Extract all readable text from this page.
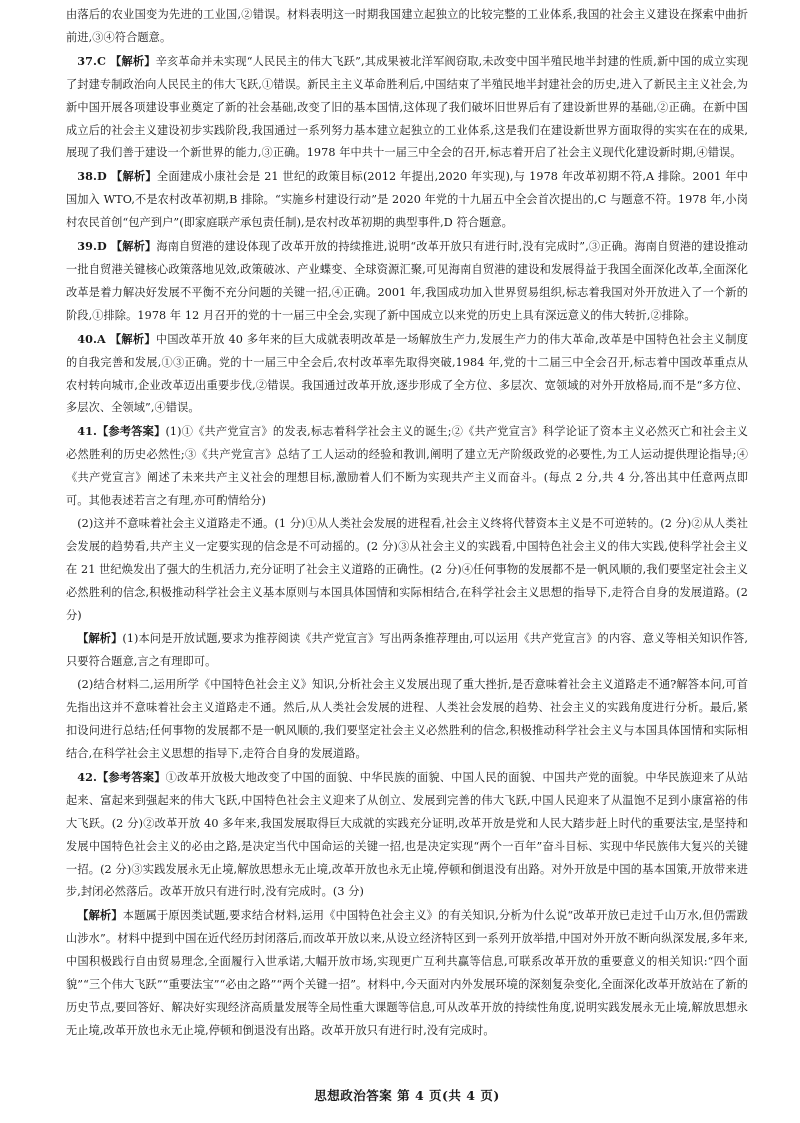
由落后的农业国变为先进的工业国,②错误。材料表明这一时期我国建立起独立的比较完整的工业体系,我国的社会主义建设在探索中曲折前进,③④符合题意。

37.C 【解析】辛亥革命并未实现“人民民主的伟大飞跃”,其成果被北洋军阀窃取,未改变中国半殖民地半封建的性质,新中国的成立实现了封建专制政治向人民民主的伟大飞跃,①错误。新民主主义革命胜利后,中国结束了半殖民地半封建社会的历史,进入了新民主主义社会,为新中国开展各项建设事业奠定了新的社会基础,改变了旧的基本国情,这体现了我们破坏旧世界后有了建设新世界的基础,②正确。在新中国成立后的社会主义建设初步实践阶段,我国通过一系列努力基本建立起独立的工业体系,这是我们在建设新世界方面取得的实实在在的成果,展现了我们善于建设一个新世界的能力,③正确。1978 年中共十一届三中全会的召开,标志着开启了社会主义现代化建设新时期,④错误。

38.D 【解析】全面建成小康社会是 21 世纪的政策目标(2012 年提出,2020 年实现),与 1978 年改革初期不符,A 排除。2001 年中国加入 WTO,不是农村改革初期,B 排除。“实施乡村建设行动”是 2020 年党的十九届五中全会首次提出的,C 与题意不符。1978 年,小岗村农民首创“包产到户”(即家庭联产承包责任制),是农村改革初期的典型事件,D 符合题意。

39.D 【解析】海南自贸港的建设体现了改革开放的持续推进,说明“改革开放只有进行时,没有完成时”,③正确。海南自贸港的建设推动一批自贸港关键核心政策落地见效,政策破冰、产业蝶变、全球资源汇聚,可见海南自贸港的建设和发展得益于我国全面深化改革,全面深化改革是着力解决好发展不平衡不充分问题的关键一招,④正确。2001 年,我国成功加入世界贸易组织,标志着我国对外开放进入了一个新的阶段,①排除。1978 年 12 月召开的党的十一届三中全会,实现了新中国成立以来党的历史上具有深远意义的伟大转折,②排除。

40.A 【解析】中国改革开放 40 多年来的巨大成就表明改革是一场解放生产力,发展生产力的伟大革命,改革是中国特色社会主义制度的自我完善和发展,①③正确。党的十一届三中全会后,农村改革率先取得突破,1984 年,党的十二届三中全会召开,标志着中国改革重点从农村转向城市,企业改革迈出重要步伐,②错误。我国通过改革开放,逐步形成了全方位、多层次、宽领域的对外开放格局,而不是“多方位、多层次、全领域”,④错误。

41.【参考答案】(1)①《共产党宣言》的发表,标志着科学社会主义的诞生;②《共产党宣言》科学论证了资本主义必然灭亡和社会主义必然胜利的历史必然性;③《共产党宣言》总结了工人运动的经验和教训,阐明了建立无产阶级政党的必要性,为工人运动提供理论指导;④《共产党宣言》阐述了未来共产主义社会的理想目标,激励着人们不断为实现共产主义而奋斗。(每点 2 分,共 4 分,答出其中任意两点即可。其他表述若言之有理,亦可酌情给分)

(2)这并不意味着社会主义道路走不通。(1 分)①从人类社会发展的进程看,社会主义终将代替资本主义是不可逆转的。(2 分)②从人类社会发展的趋势看,共产主义一定要实现的信念是不可动摇的。(2 分)③从社会主义的实践看,中国特色社会主义的伟大实践,使科学社会主义在 21 世纪焕发出了强大的生机活力,充分证明了社会主义道路的正确性。(2 分)④任何事物的发展都不是一帆风顺的,我们要坚定社会主义必然胜利的信念,积极推动科学社会主义基本原则与本国具体国情和实际相结合,在科学社会主义思想的指导下,走符合自身的发展道路。(2 分)

【解析】(1)本问是开放试题,要求为推荐阅读《共产党宣言》写出两条推荐理由,可以运用《共产党宣言》的内容、意义等相关知识作答,只要符合题意,言之有理即可。

(2)结合材料二,运用所学《中国特色社会主义》知识,分析社会主义发展出现了重大挫折,是否意味着社会主义道路走不通?解答本问,可首先指出这并不意味着社会主义道路走不通。然后,从人类社会发展的进程、人类社会发展的趋势、社会主义的实践角度进行分析。最后,紧扣设问进行总结;任何事物的发展都不是一帆风顺的,我们要坚定社会主义必然胜利的信念,积极推动科学社会主义与本国具体国情和实际相结合,在科学社会主义思想的指导下,走符合自身的发展道路。

42.【参考答案】①改革开放极大地改变了中国的面貌、中华民族的面貌、中国人民的面貌、中国共产党的面貌。中华民族迎来了从站起来、富起来到强起来的伟大飞跃,中国特色社会主义迎来了从创立、发展到完善的伟大飞跃,中国人民迎来了从温饱不足到小康富裕的伟大飞跃。(2 分)②改革开放 40 多年来,我国发展取得巨大成就的实践充分证明,改革开放是党和人民大踏步赶上时代的重要法宝,是坚持和发展中国特色社会主义的必由之路,是决定当代中国命运的关键一招,也是决定实现“两个一百年”奋斗目标、实现中华民族伟大复兴的关键一招。(2 分)③实践发展永无止境,解放思想永无止境,改革开放也永无止境,停顿和倒退没有出路。对外开放是中国的基本国策,开放带来进步,封闭必然落后。改革开放只有进行时,没有完成时。(3 分)

【解析】本题属于原因类试题,要求结合材料,运用《中国特色社会主义》的有关知识,分析为什么说“改革开放已走过千山万水,但仍需跋山涉水”。材料中提到中国在近代经历封闭落后,而改革开放以来,从设立经济特区到一系列开放举措,中国对外开放不断向纵深发展,多年来,中国积极践行自由贸易理念,全面履行入世承诺,大幅开放市场,实现更广互利共赢等信息,可联系改革开放的重要意义的相关知识:“四个面貌”“三个伟大飞跃”“重要法宝”“必由之路”“两个关键一招”。材料中,今天面对内外发展环境的深刻复杂变化,全面深化改革开放站在了新的历史节点,要回答好、解决好实现经济高质量发展等全局性重大课题等信息,可从改革开放的持续性角度,说明实践发展永无止境,解放思想永无止境,改革开放也永无止境,停顿和倒退没有出路。改革开放只有进行时,没有完成时。

思想政治答案 第 4 页(共 4 页)
